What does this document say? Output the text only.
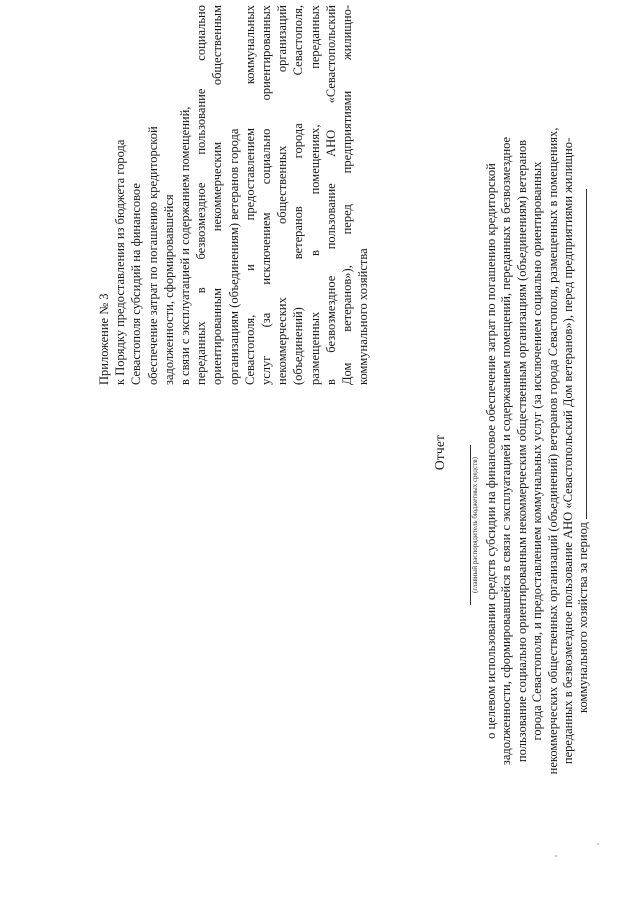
Приложение № 3 к Порядку предоставления из бюджета города Севастополя субсидий на финансовое обеспечение затрат по погашению кредиторской задолженности, сформировавшейся в связи с эксплуатацией и содержанием помещений, переданных в безвозмездное пользование социально ориентированным некоммерческим общественным организациям (объединениям) ветеранов города Севастополя, и предоставлением коммунальных услуг (за исключением социально ориентированных некоммерческих общественных организаций (объединений) ветеранов города Севастополя, размещенных в помещениях, переданных в безвозмездное пользование АНО «Севастопольский Дом ветеранов»), перед предприятиями жилищно- коммунального хозяйства
Отчет
(главный распорядитель бюджетных средств) о целевом использовании средств субсидии на финансовое обеспечение затрат по погашению кредиторской задолженности, сформировавшейся в связи с эксплуатацией и содержанием помещений, переданных в безвозмездное пользование социально ориентированным некоммерческим общественным организациям (объединениям) ветеранов города Севастополя, и предоставлением коммунальных услуг (за исключением социально ориентированных некоммерческих общественных организаций (объединений) ветеранов города Севастополя, размещенных в помещениях, переданных в безвозмездное пользование АНО «Севастопольский Дом ветеранов»), перед предприятиями жилищно- коммунального хозяйства за период
